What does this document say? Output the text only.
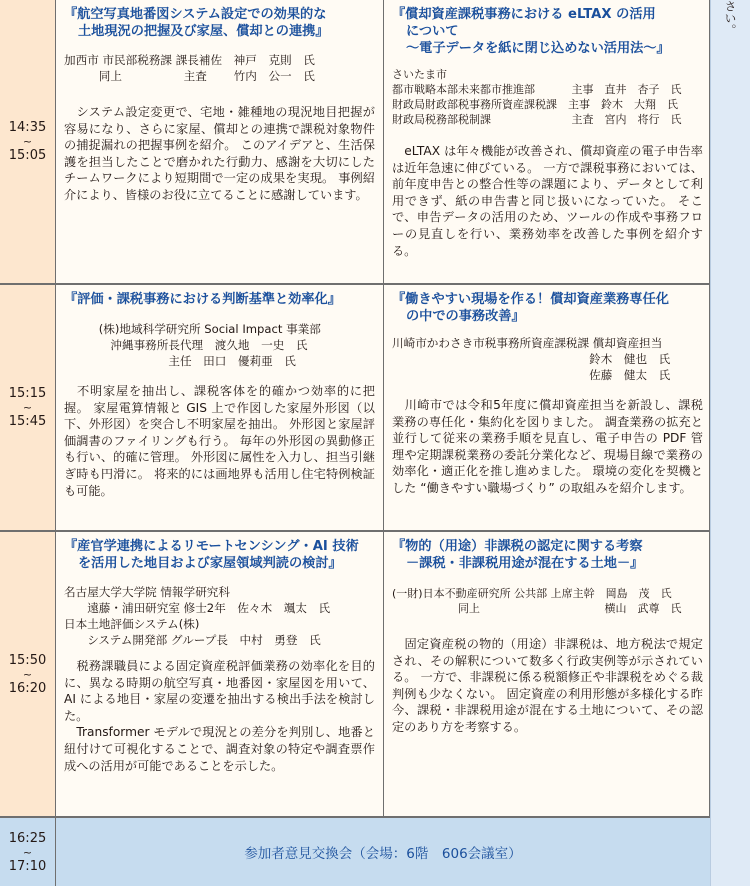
さい。
14:35
~
15:05
『航空写真地番図システム設定での効果的な
土地現況の把握及び家屋、償却との連携』
加西市 市民部税務課 課長補佐　神戸　克則　氏
　　　同上　　　　　 主査　　 竹内　公一　氏

　システム設定変更で、宅地・雑種地の現況地目把握が容易になり、さらに家屋、償却との連携で課税対象物件の捕捉漏れの把握事例を紹介。 このアイデアと、生活保護を担当したことで磨かれた行動力、感謝を大切にしたチームワークにより短期間で一定の成果を実現。 事例紹介により、皆様のお役に立てることに感謝しています。

『償却資産課税事務における eLTAX の活用
について
～電子データを紙に閉じ込めない活用法～』
さいたま市
都市戦略本部未来都市推進部　　　 主事　直井　杏子　氏
財政局財政部税事務所資産課税課　主事　鈴木　大翔　氏
財政局税務部税制課　　　　　　　 主査　宮内　将行　氏

　eLTAX は年々機能が改善され、償却資産の電子申告率は近年急速に伸びている。 一方で課税事務においては、前年度申告との整合性等の課題により、データとして利用できず、紙の申告書と同じ扱いになっていた。 そこで、申告データの活用のため、ツールの作成や事務フローの見直しを行い、業務効率を改善した事例を紹介する。

15:15
~
15:45
『評価・課税事務における判断基準と効率化』
　　　(株)地域科学研究所 Social Impact 事業部
　　　　沖縄事務所長代理　渡久地　一史　氏
　　　　　　　　　主任　田口　優莉亜　氏

　不明家屋を抽出し、課税客体を的確かつ効率的に把握。 家屋電算情報と GIS 上で作図した家屋外形図（以下、外形図）を突合し不明家屋を抽出。 外形図と家屋評価調書のファイリングも行う。 毎年の外形図の異動修正も行い、的確に管理。 外形図に属性を入力し、担当引継ぎ時も円滑に。 将来的には画地界も活用し住宅特例検証も可能。

『働きやすい現場を作る！償却資産業務専任化
の中での事務改善』
川崎市かわさき市税事務所資産課税課 償却資産担当
　　　　　　　　　　　　　　　　　鈴木　健也　氏
　　　　　　　　　　　　　　　　　佐藤　健太　氏

　川崎市では令和5年度に償却資産担当を新設し、課税業務の専任化・集約化を図りました。 調査業務の拡充と並行して従来の業務手順を見直し、電子申告の PDF 管理や定期課税業務の委託分業化など、現場目線で業務の効率化・適正化を推し進めました。 環境の変化を契機とした “働きやすい職場づくり” の取組みを紹介します。

15:50
~
16:20
『産官学連携によるリモートセンシング・AI 技術
を活用した地目および家屋領域判読の検討』
名古屋大学大学院 情報学研究科
　　遠藤・浦田研究室 修士2年　佐々木　颯太　氏
日本土地評価システム(株)
　　システム開発部 グループ長　中村　勇登　氏

　税務課職員による固定資産税評価業務の効率化を目的に、異なる時期の航空写真・地番図・家屋図を用いて、AI による地目・家屋の変遷を抽出する検出手法を検討した。

　Transformer モデルで現況との差分を判別し、地番と紐付けて可視化することで、調査対象の特定や調査票作成への活用が可能であることを示した。

『物的（用途）非課税の認定に関する考察
－課税・非課税用途が混在する土地－』
(一財)日本不動産研究所 公共部 上席主幹　岡島　茂　氏
　　　　　　同上　　　　　　　　　　　 横山　武尊　氏

　固定資産税の物的（用途）非課税は、地方税法で規定され、その解釈について数多く行政実例等が示されている。 一方で、非課税に係る税額修正や非課税をめぐる裁判例も少なくない。 固定資産の利用形態が多様化する昨今、課税・非課税用途が混在する土地について、その認定のあり方を考察する。

16:25
~
17:10
参加者意見交換会（会場：6階　606会議室）
